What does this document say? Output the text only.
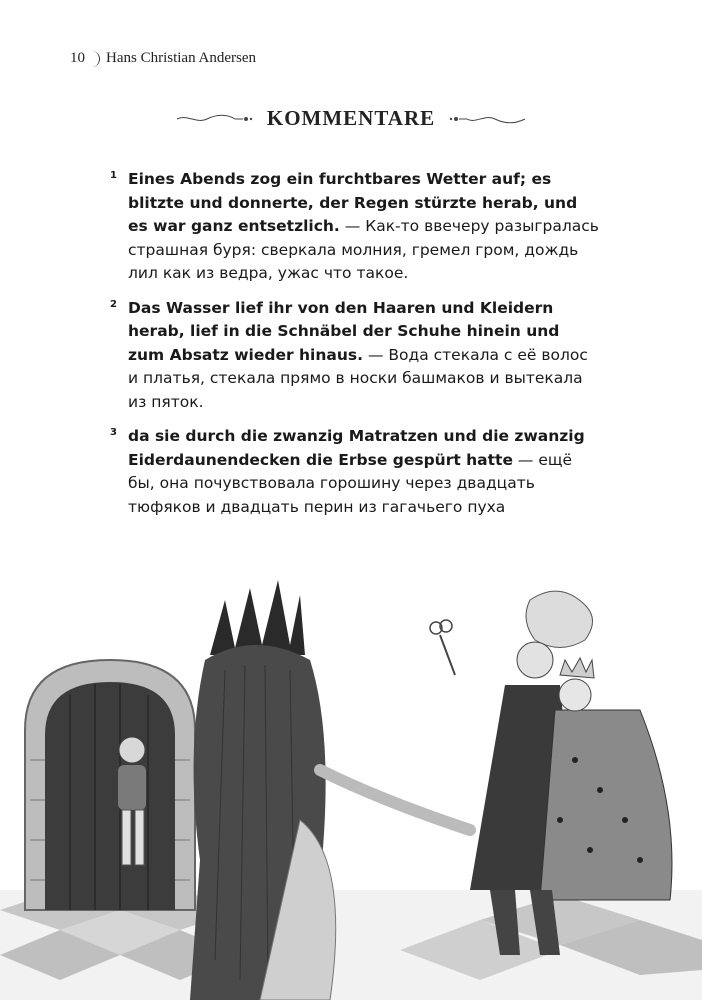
10 Hans Christian Andersen
KOMMENTARE
1 Eines Abends zog ein furchtbares Wetter auf; es blitzte und donnerte, der Regen stürzte herab, und es war ganz entsetzlich. — Как-то ввечеру разыгралась страшная буря: сверкала молния, гремел гром, дождь лил как из ведра, ужас что такое.
2 Das Wasser lief ihr von den Haaren und Kleidern herab, lief in die Schnäbel der Schuhe hinein und zum Absatz wieder hinaus. — Вода стекала с её волос и платья, стекала прямо в носки башмаков и вытекала из пяток.
3 da sie durch die zwanzig Matratzen und die zwanzig Eiderdaunendecken die Erbse gespürt hatte — ещё бы, она почувствовала горошину через двадцать тюфяков и двадцать перин из гагачьего пуха
